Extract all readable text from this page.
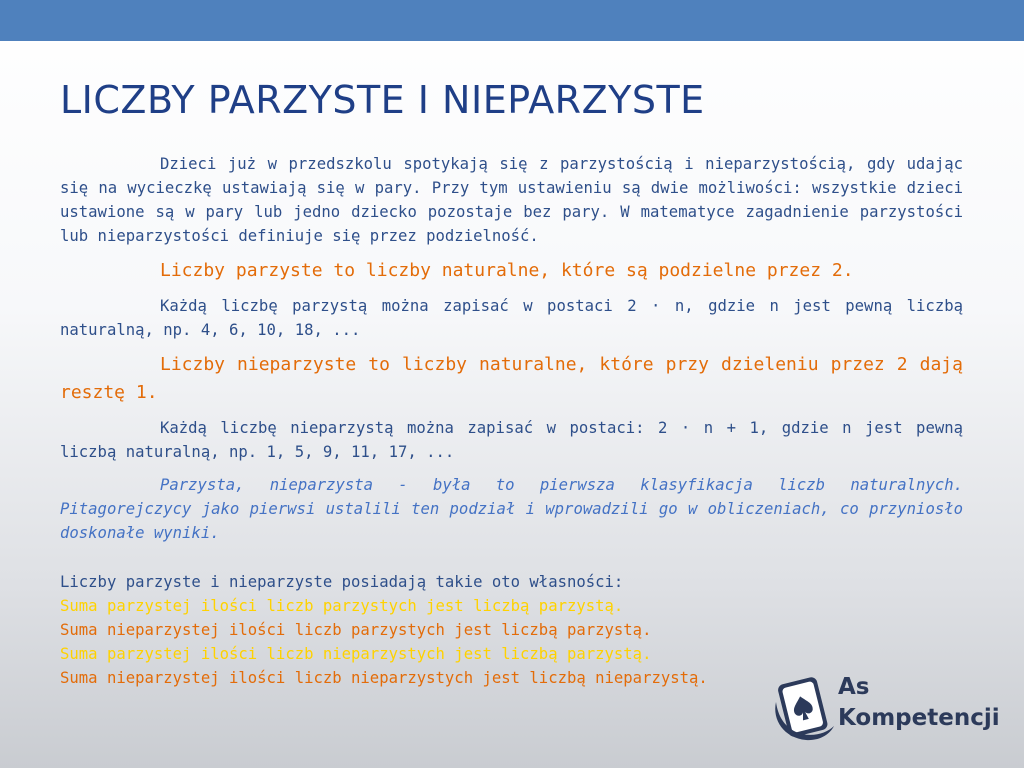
LICZBY PARZYSTE I NIEPARZYSTE

Dzieci już w przedszkolu spotykają się z parzystością i nieparzystością, gdy udając się na wycieczkę ustawiają się w pary. Przy tym ustawieniu są dwie możliwości: wszystkie dzieci ustawione są w pary lub jedno dziecko pozostaje bez pary. W matematyce zagadnienie parzystości lub nieparzystości definiuje się przez podzielność.

Liczby parzyste to liczby naturalne, które są podzielne przez 2.

Każdą liczbę parzystą można zapisać w postaci 2 · n, gdzie n jest pewną liczbą naturalną, np. 4, 6, 10, 18, ...

Liczby nieparzyste to liczby naturalne, które przy dzieleniu przez 2 dają resztę 1.

Każdą liczbę nieparzystą można zapisać w postaci: 2 · n + 1, gdzie n jest pewną liczbą naturalną, np. 1, 5, 9, 11, 17, ...

Parzysta, nieparzysta - była to pierwsza klasyfikacja liczb naturalnych. Pitagorejczycy jako pierwsi ustalili ten podział i wprowadzili go w obliczeniach, co przyniosło doskonałe wyniki.

Liczby parzyste i nieparzyste posiadają takie oto własności:
Suma parzystej ilości liczb parzystych jest liczbą parzystą.
Suma nieparzystej ilości liczb parzystych jest liczbą parzystą.
Suma parzystej ilości liczb nieparzystych jest liczbą parzystą.
Suma nieparzystej ilości liczb nieparzystych jest liczbą nieparzystą.	As
Kompetencji
